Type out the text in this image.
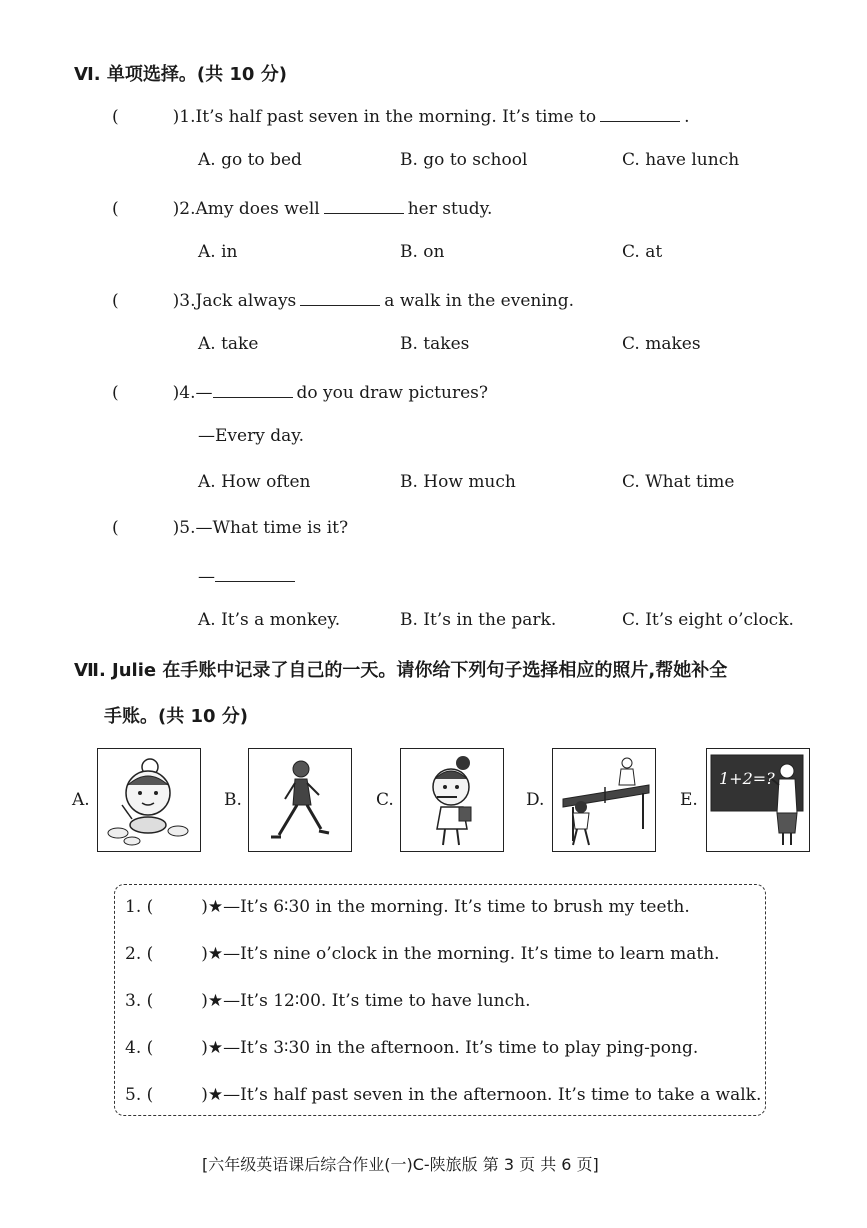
Ⅵ. 单项选择。(共 10 分)
(	)1.It’s half past seven in the morning. It’s time to	.
A. go to bed	B. go to school	C. have lunch
(	)2.Amy does well	her study.
A. in	B. on	C. at
(	)3.Jack always	a walk in the evening.
A. take	B. takes	C. makes
(	)4.—	do you draw pictures?
—Every day.
A. How often	B. How much	C. What time
(	)5.—What time is it?
—
A. It’s a monkey.	B. It’s in the park.	C. It’s eight o’clock.
Ⅶ. Julie 在手账中记录了自己的一天。请你给下列句子选择相应的照片,帮她补全
手账。(共 10 分)
A.	B.	C.	D.	E.
1+2=?
1. (	)★—It’s 6∶30 in the morning. It’s time to brush my teeth.
2. (	)★—It’s nine o’clock in the morning. It’s time to learn math.
3. (	)★—It’s 12∶00. It’s time to have lunch.
4. (	)★—It’s 3∶30 in the afternoon. It’s time to play ping-pong.
5. (	)★—It’s half past seven in the afternoon. It’s time to take a walk.
[六年级英语课后综合作业(一)C-陕旅版 第 3 页 共 6 页]
